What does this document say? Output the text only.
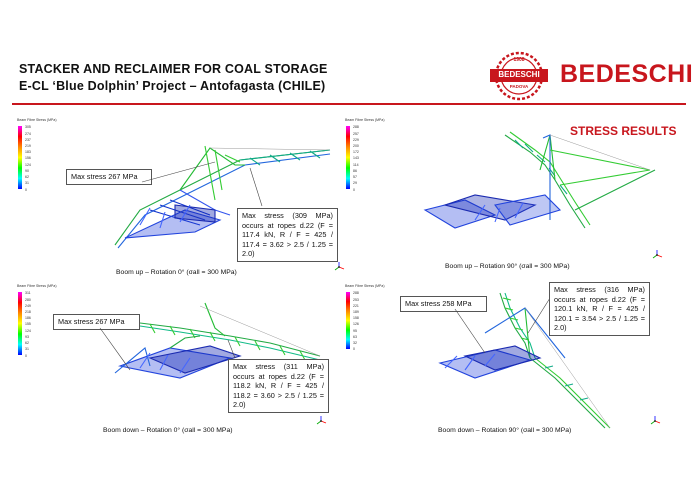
STACKER AND RECLAIMER FOR COAL STORAGE
E-CL ‘Blue Dolphin’ Project – Antofagasta (CHILE)
1908
BEDESCHI
PADOVA BEDESCHI
STRESS RESULTS
Beam Fibre Stress (MPa)
305
274
237
219
183
156
124
90
62
31
0
Max stress 267 MPa
Max stress (309 MPa) occurs at ropes d.22 (F = 117.4 kN, R / F = 425 / 117.4 = 3.62 > 2.5 / 1.25 = 2.0)
Boom up – Rotation 0° (σall = 300 MPa)
Beam Fibre Stress (MPa)
288
257
229
200
172
143
114
86
57
29
0
Boom up – Rotation 90° (σall = 300 MPa)
Beam Fibre Stress (MPa)
311
280
249
218
186
155
124
93
62
31
0
Max stress 267 MPa
Max stress (311 MPa) occurs at ropes d.22 (F = 118.2 kN, R / F = 425 / 118.2 = 3.60 > 2.5 / 1.25 = 2.0)
Boom down – Rotation 0° (σall = 300 MPa)
Beam Fibre Stress (MPa)
288
253
221
189
158
126
95
63
32
0
Max stress 258 MPa
Max stress (316 MPa) occurs at ropes d.22 (F = 120.1 kN, R / F = 425 / 120.1 = 3.54 > 2.5 / 1.25 = 2.0)
Boom down – Rotation 90° (σall = 300 MPa)
